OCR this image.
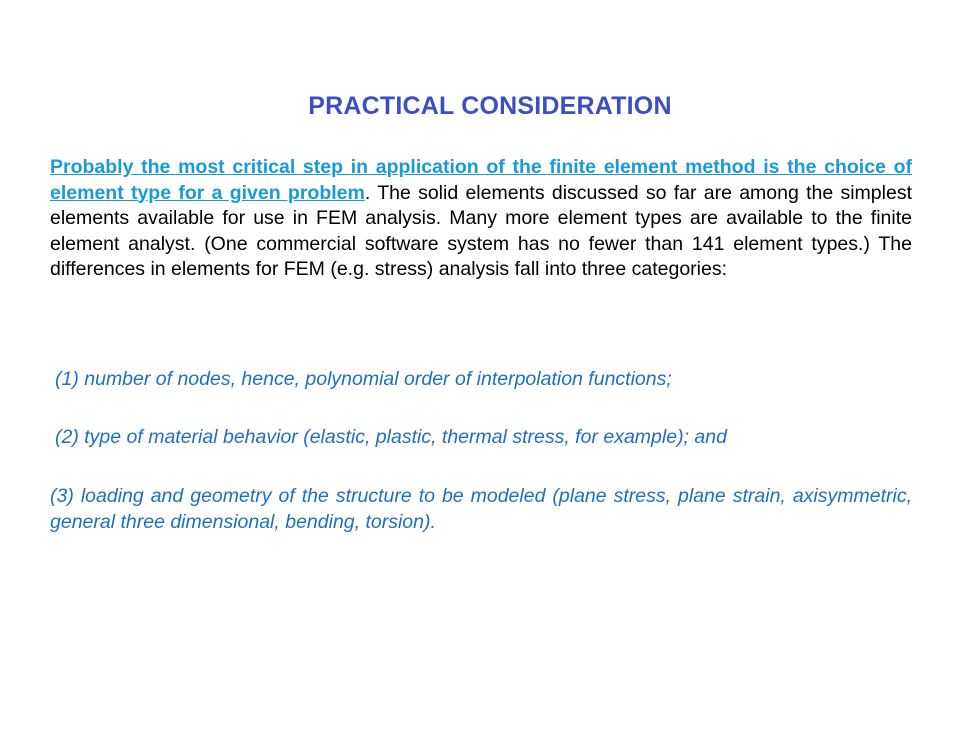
PRACTICAL CONSIDERATION

Probably the most critical step in application of the finite element method is the choice of element type for a given problem. The solid elements discussed so far are among the simplest elements available for use in FEM analysis. Many more element types are available to the finite element analyst. (One commercial software system has no fewer than 141 element types.) The differences in elements for FEM (e.g. stress) analysis fall into three categories:

(1) number of nodes, hence, polynomial order of interpolation functions;

(2) type of material behavior (elastic, plastic, thermal stress, for example); and

(3) loading and geometry of the structure to be modeled (plane stress, plane strain, axisymmetric, general three dimensional, bending, torsion).
